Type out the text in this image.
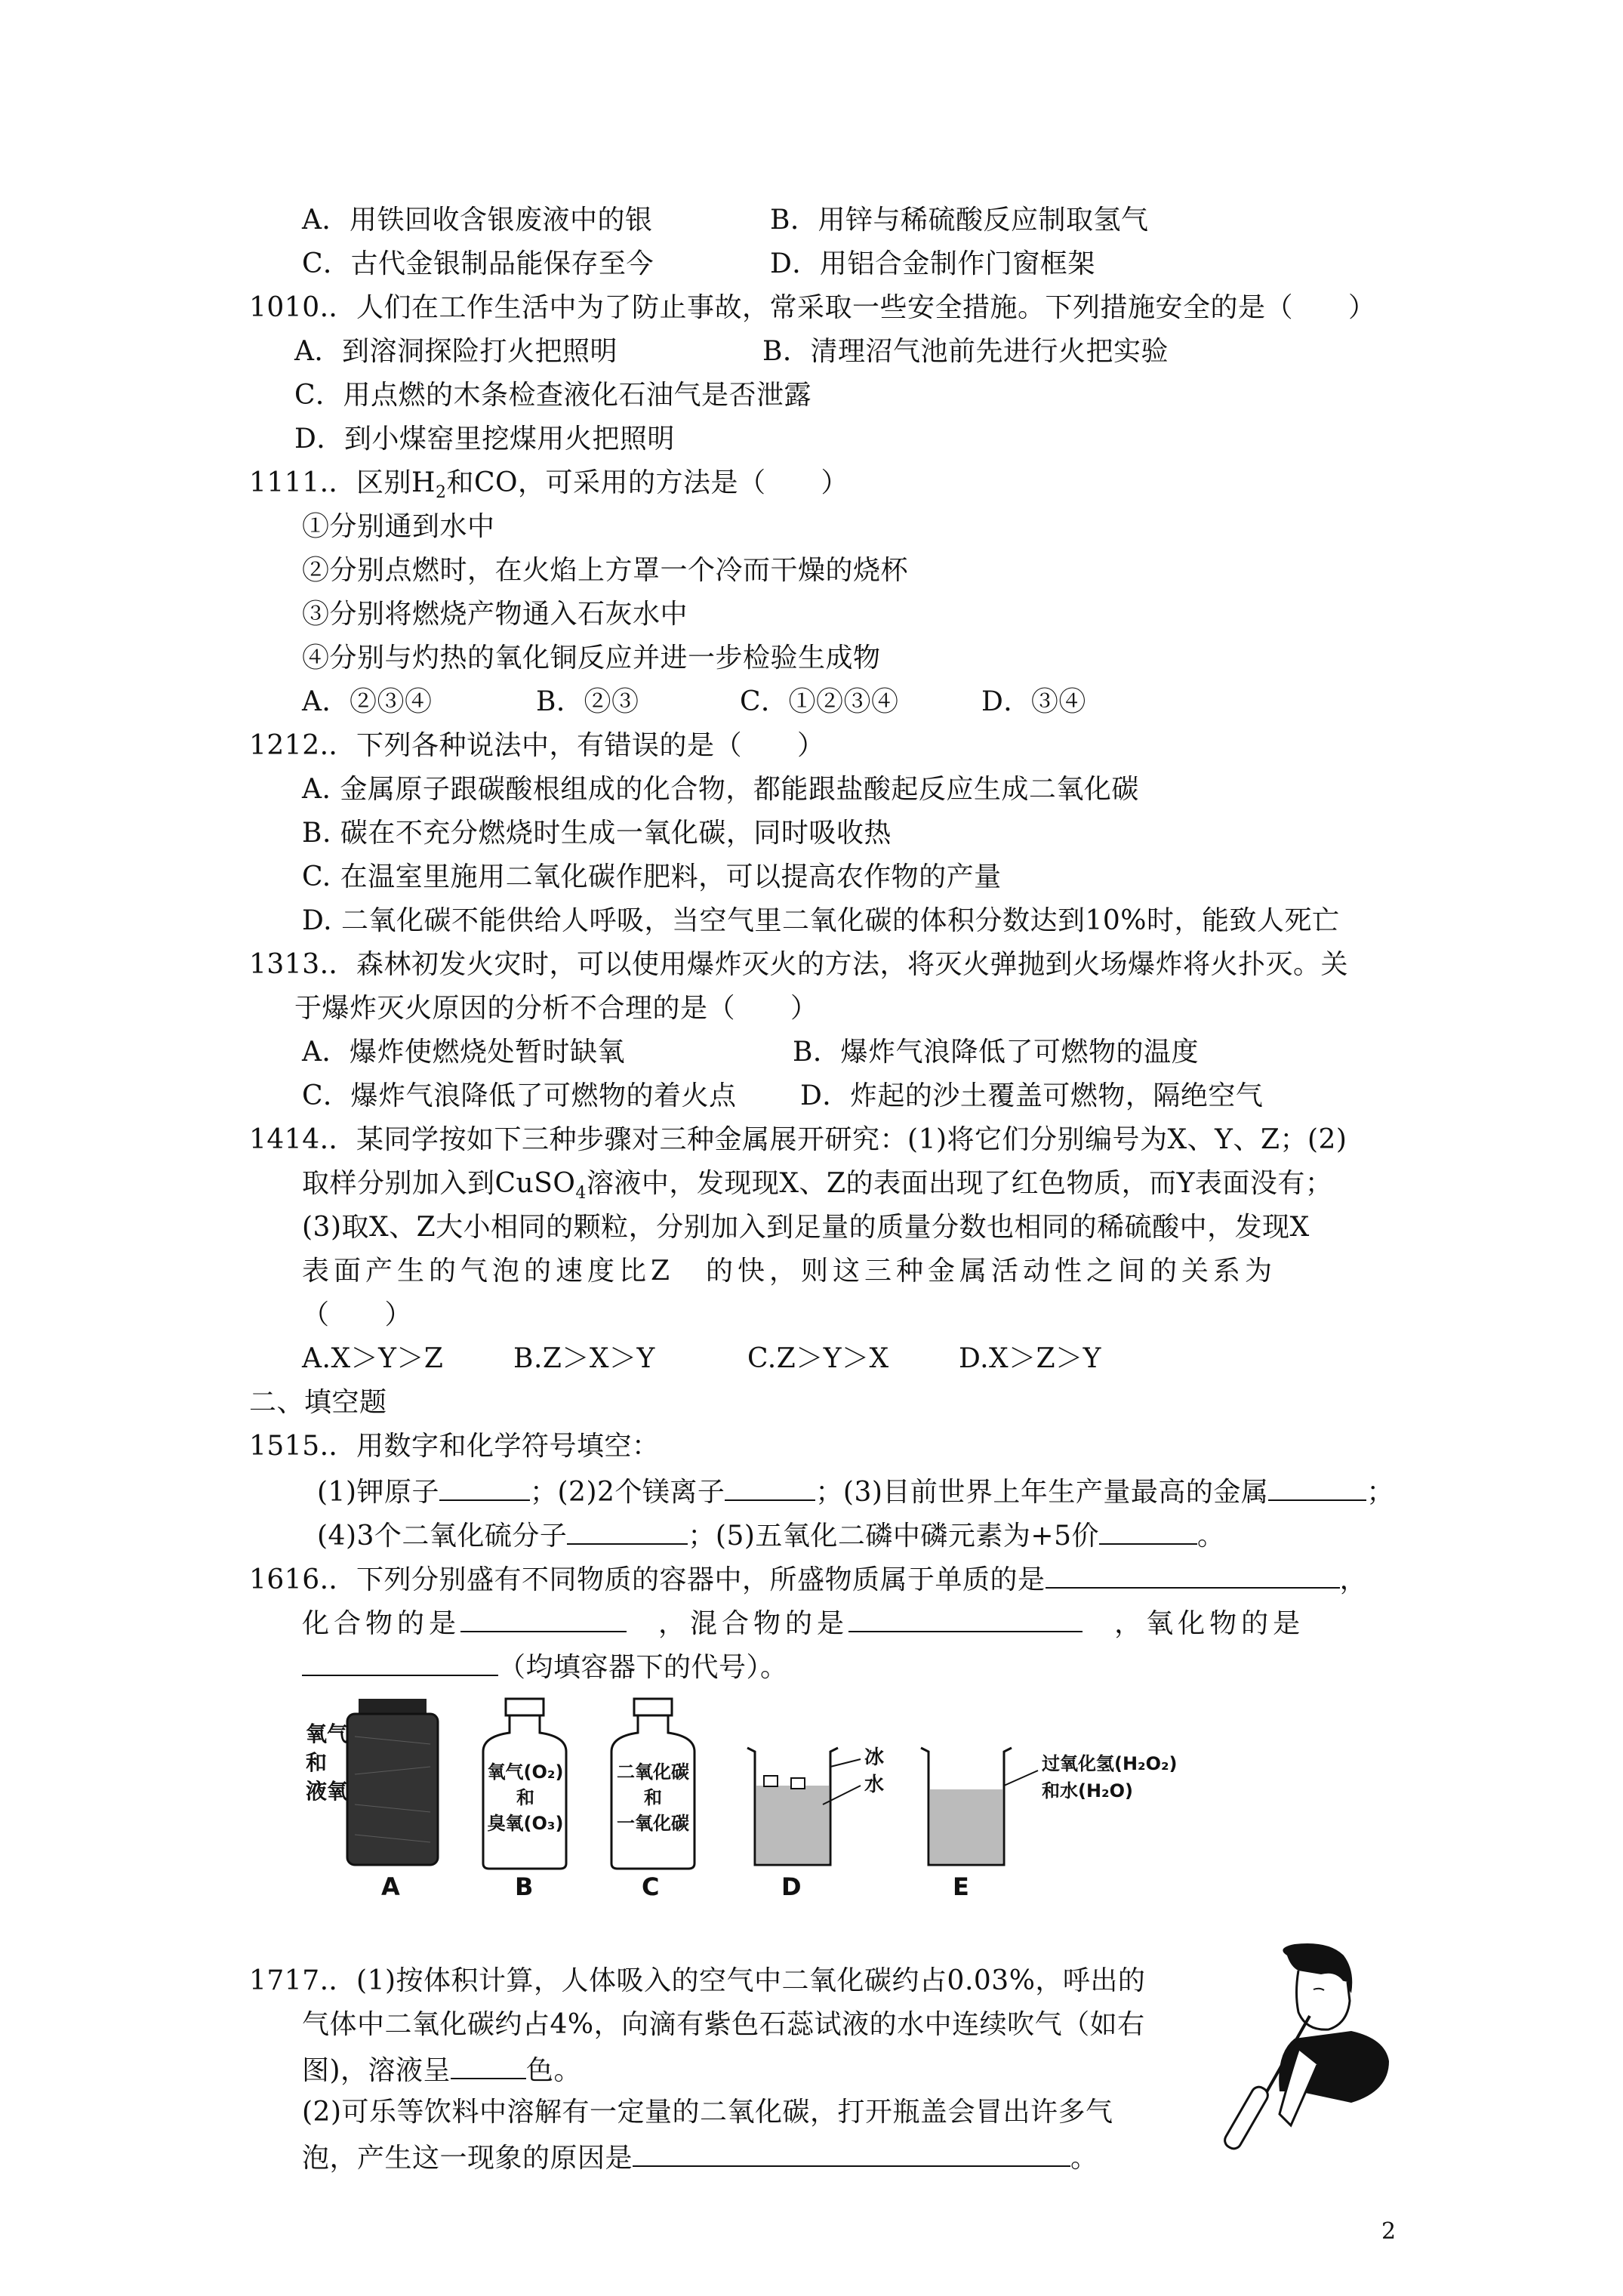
A．用铁回收含银废液中的银	B．用锌与稀硫酸反应制取氢气
C．古代金银制品能保存至今	D．用铝合金制作门窗框架
1010.．人们在工作生活中为了防止事故，常采取一些安全措施。下列措施安全的是（　　）
A．到溶洞探险打火把照明	B．清理沼气池前先进行火把实验
C．用点燃的木条检查液化石油气是否泄露
D．到小煤窑里挖煤用火把照明
1111.．区别$H_2$和CO，可采用的方法是（　　）
①分别通到水中
②分别点燃时，在火焰上方罩一个冷而干燥的烧杯
③分别将燃烧产物通入石灰水中
④分别与灼热的氧化铜反应并进一步检验生成物
A．②③④	B．②③	C．①②③④	D．③④
1212.．下列各种说法中，有错误的是（　　）
A. 金属原子跟碳酸根组成的化合物，都能跟盐酸起反应生成二氧化碳
B. 碳在不充分燃烧时生成一氧化碳，同时吸收热
C. 在温室里施用二氧化碳作肥料，可以提高农作物的产量
D. 二氧化碳不能供给人呼吸，当空气里二氧化碳的体积分数达到10%时，能致人死亡
1313.．森林初发火灾时，可以使用爆炸灭火的方法，将灭火弹抛到火场爆炸将火扑灭。关
于爆炸灭火原因的分析不合理的是（　　）
A．爆炸使燃烧处暂时缺氧	B．爆炸气浪降低了可燃物的温度
C．爆炸气浪降低了可燃物的着火点 D．炸起的沙土覆盖可燃物，隔绝空气
1414.．某同学按如下三种步骤对三种金属展开研究：(1)将它们分别编号为X、Y、Z；(2)
取样分别加入到CuSO$_4$溶液中，发现现X、Z的表面出现了红色物质，而Y表面没有；
(3)取X、Z大小相同的颗粒，分别加入到足量的质量分数也相同的稀硫酸中，发现X
表面产生的气泡的速度比Z　的快，则这三种金属活动性之间的关系为
（　　）
A.X＞Y＞Z	B.Z＞X＞Y	C.Z＞Y＞X	D.X＞Z＞Y
二、填空题
1515.．用数字和化学符号填空：
(1)钾原子	；(2)2个镁离子	；(3)目前世界上年生产量最高的金属	；
(4)3个二氧化硫分子	；(5)五氧化二磷中磷元素为+5价	。
1616.．下列分别盛有不同物质的容器中，所盛物质属于单质的是	，
化合物的是　	，混合物的是　	，氧化物的是
（均填容器下的代号）。
氧气
和
液氧
氧气(O₂)
和
臭氧(O₃)
二氧化碳
和
一氧化碳
冰
水
过氧化氢(H₂O₂)
和水(H₂O)
A	B	C	D	E
1717.．(1)按体积计算，人体吸入的空气中二氧化碳约占0.03%，呼出的
气体中二氧化碳约占4%，向滴有紫色石蕊试液的水中连续吹气（如右
图)，溶液呈	色。
(2)可乐等饮料中溶解有一定量的二氧化碳，打开瓶盖会冒出许多气
泡，产生这一现象的原因是	。
2
